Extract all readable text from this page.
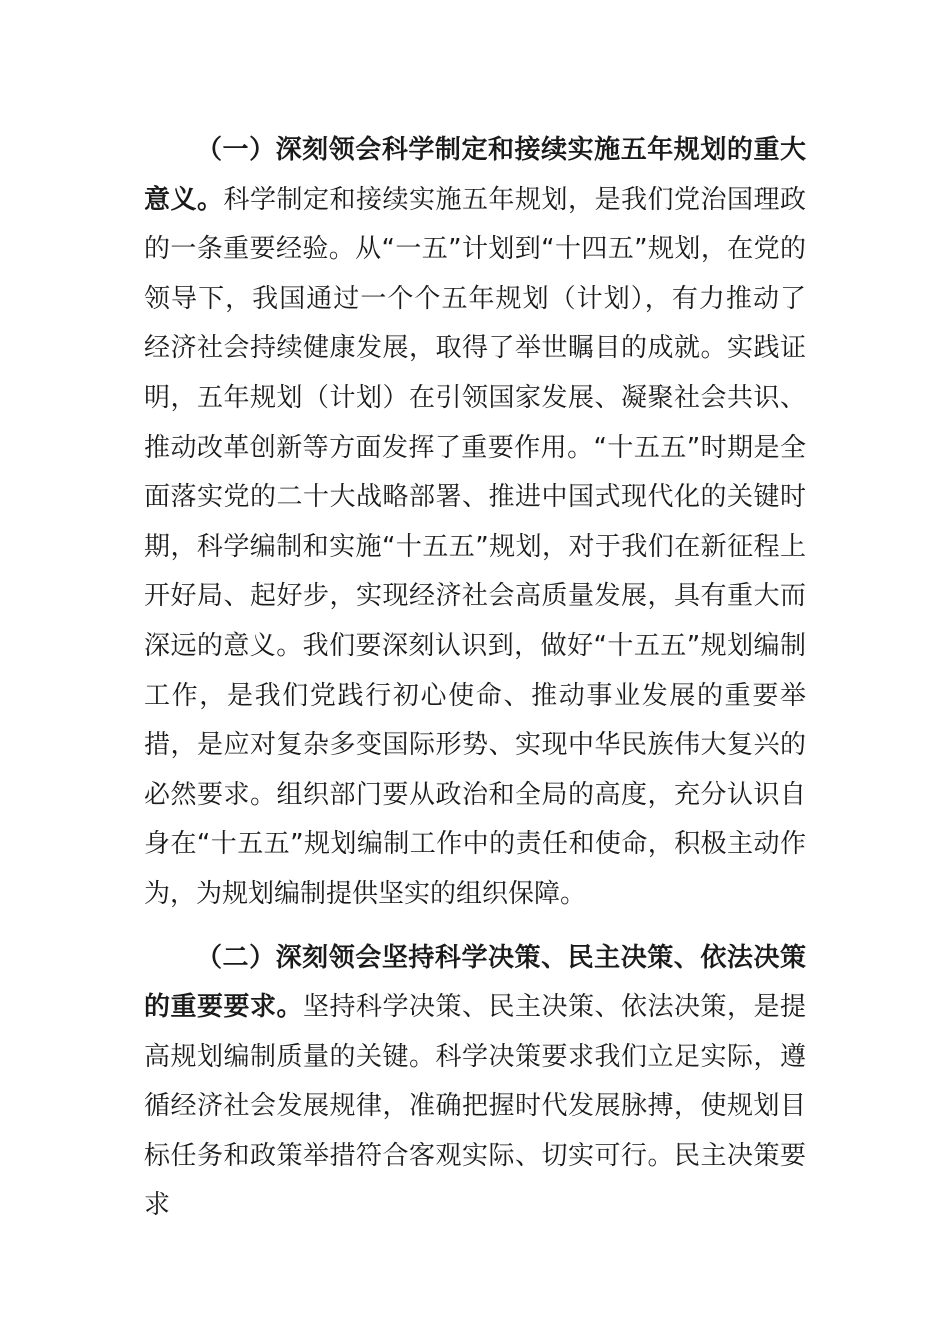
（一）深刻领会科学制定和接续实施五年规划的重大意义。科学制定和接续实施五年规划，是我们党治国理政的一条重要经验。从“一五”计划到“十四五”规划，在党的领导下，我国通过一个个五年规划（计划），有力推动了经济社会持续健康发展，取得了举世瞩目的成就。实践证明，五年规划（计划）在引领国家发展、凝聚社会共识、推动改革创新等方面发挥了重要作用。“十五五”时期是全面落实党的二十大战略部署、推进中国式现代化的关键时期，科学编制和实施“十五五”规划，对于我们在新征程上开好局、起好步，实现经济社会高质量发展，具有重大而深远的意义。我们要深刻认识到，做好“十五五”规划编制工作，是我们党践行初心使命、推动事业发展的重要举措，是应对复杂多变国际形势、实现中华民族伟大复兴的必然要求。组织部门要从政治和全局的高度，充分认识自身在“十五五”规划编制工作中的责任和使命，积极主动作为，为规划编制提供坚实的组织保障。

（二）深刻领会坚持科学决策、民主决策、依法决策的重要要求。坚持科学决策、民主决策、依法决策，是提高规划编制质量的关键。科学决策要求我们立足实际，遵循经济社会发展规律，准确把握时代发展脉搏，使规划目标任务和政策举措符合客观实际、切实可行。民主决策要求
